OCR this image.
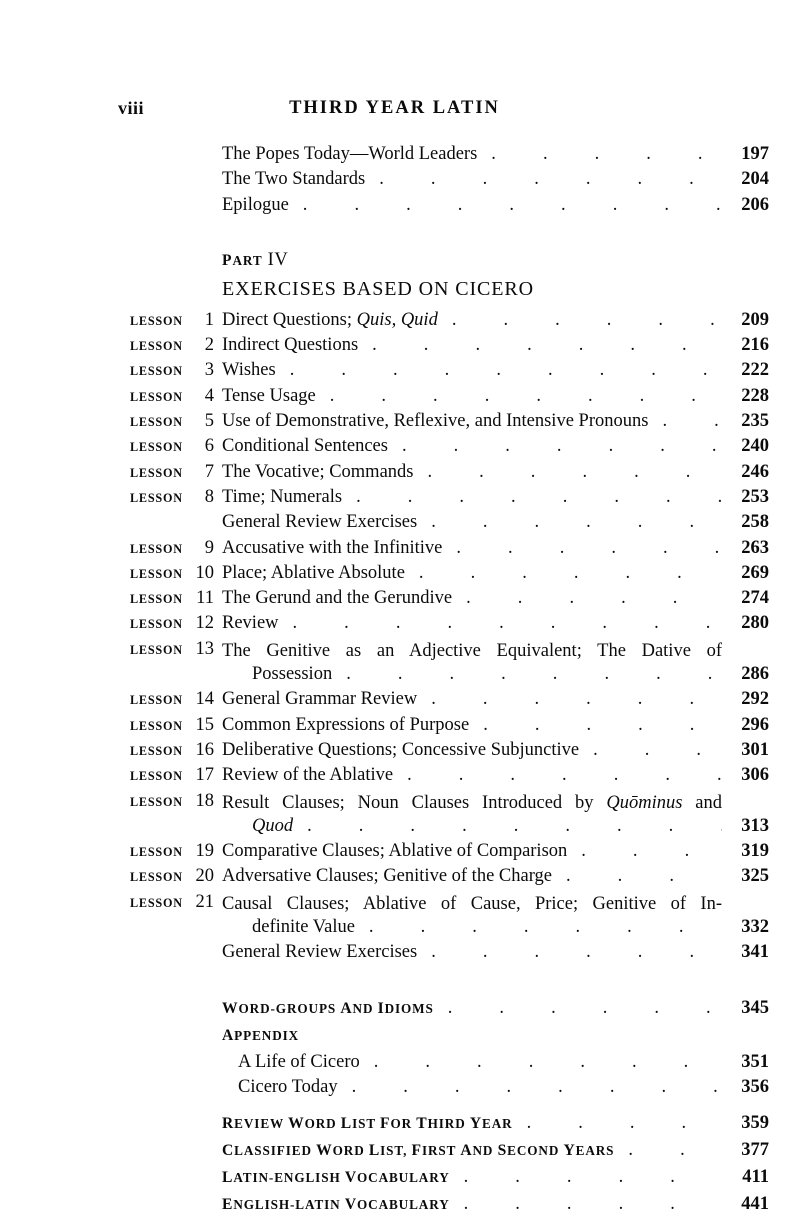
viii	THIRD YEAR LATIN
The Popes Today—World Leaders . . .	197
The Two Standards . . .	204
Epilogue . . .	206
PART IV
EXERCISES BASED ON CICERO
LESSON	1 Direct Questions; Quis, Quid . . .	209
LESSON	2 Indirect Questions . . .	216
LESSON	3 Wishes . . .	222
LESSON	4 Tense Usage . . .	228
LESSON	5 Use of Demonstrative, Reflexive, and Intensive Pronouns . . .	235
LESSON	6 Conditional Sentences . . .	240
LESSON	7 The Vocative; Commands . . .	246
LESSON	8 Time; Numerals . . .	253
General Review Exercises . . .	258
LESSON	9 Accusative with the Infinitive . . .	263
LESSON 10 Place; Ablative Absolute . . .	269
LESSON 11 The Gerund and the Gerundive . . .	274
LESSON 12 Review . . .	280
LESSON 13 The Genitive as an Adjective Equivalent; The Dative of
Possession . . .	286
LESSON 14 General Grammar Review . . .	292
LESSON 15 Common Expressions of Purpose . . .	296
LESSON 16 Deliberative Questions; Concessive Subjunctive . . .	301
LESSON 17 Review of the Ablative . . .	306
LESSON 18 Result Clauses; Noun Clauses Introduced by Quōminus and
Quod . . .	313
LESSON 19 Comparative Clauses; Ablative of Comparison . . .	319
LESSON 20 Adversative Clauses; Genitive of the Charge . . .	325
LESSON 21 Causal Clauses; Ablative of Cause, Price; Genitive of In-
definite Value . . .	332
General Review Exercises . . .	341
WORD-GROUPS AND IDIOMS . . .	345
APPENDIX
A Life of Cicero . . .	351
Cicero Today . . .	356
REVIEW WORD LIST FOR THIRD YEAR . . .	359
CLASSIFIED WORD LIST, FIRST AND SECOND YEARS . . .	377
LATIN-ENGLISH VOCABULARY . . .	411
ENGLISH-LATIN VOCABULARY . . .	441
